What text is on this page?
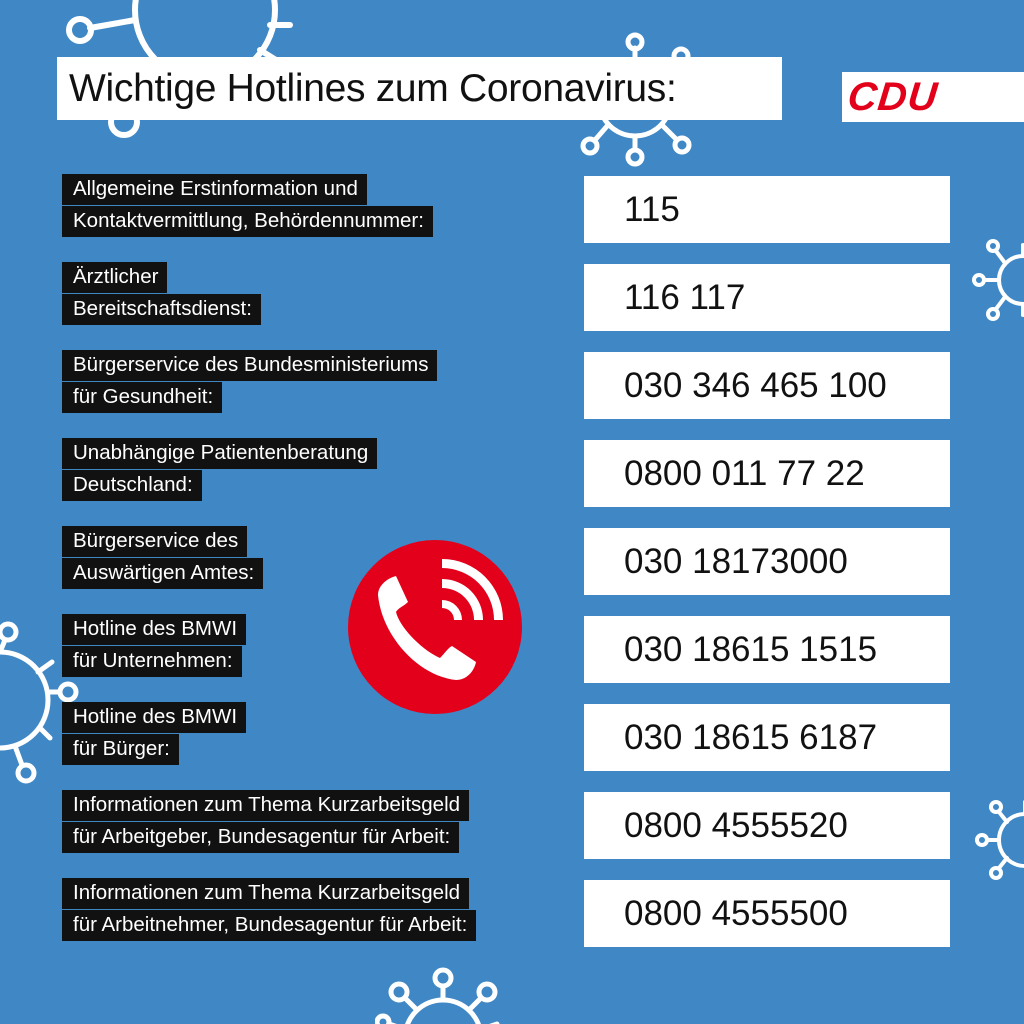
Wichtige Hotlines zum Coronavirus:	CDU
Allgemeine Erstinformation und
Kontaktvermittlung, Behördennummer:	115
Ärztlicher
Bereitschaftsdienst:	116 117
Bürgerservice des Bundesministeriums
für Gesundheit:	030 346 465 100
Unabhängige Patientenberatung
Deutschland:	0800 011 77 22
Bürgerservice des
Auswärtigen Amtes:	030 18173000
Hotline des BMWI
für Unternehmen:	030 18615 1515
Hotline des BMWI
für Bürger:	030 18615 6187
Informationen zum Thema Kurzarbeitsgeld
für Arbeitgeber, Bundesagentur für Arbeit:	0800 4555520
Informationen zum Thema Kurzarbeitsgeld
für Arbeitnehmer, Bundesagentur für Arbeit:	0800 4555500
